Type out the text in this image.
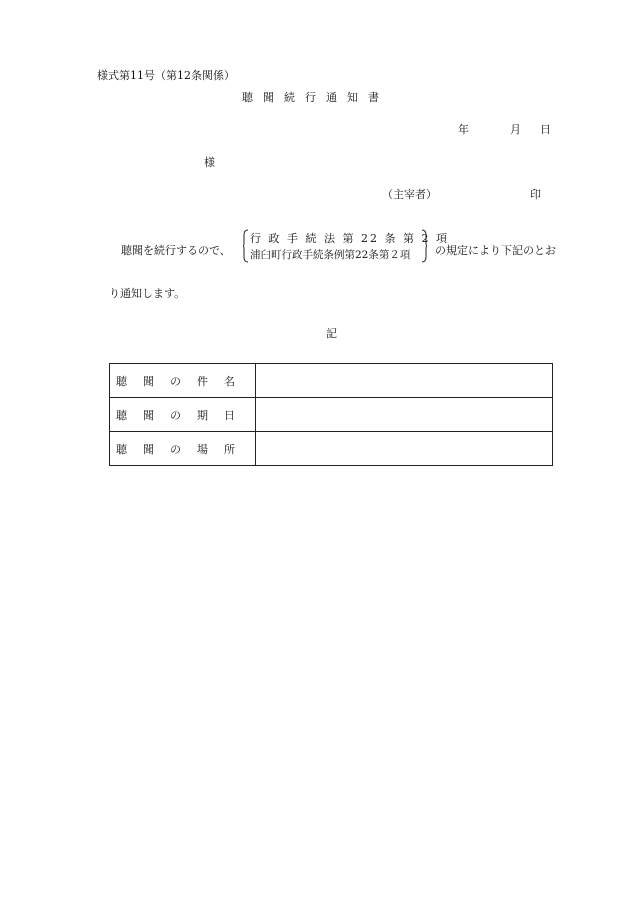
様式第11号（第12条関係）
聴聞続行通知書
年	月	日
様
（主宰者）	印
聴聞を続行するので、
行 政 手 続 法 第 22 条 第 2 項
浦臼町行政手続条例第22条第２項 の規定により下記のとお
り通知します。
記
聴聞の件名	
聴聞の期日	
聴聞の場所	
